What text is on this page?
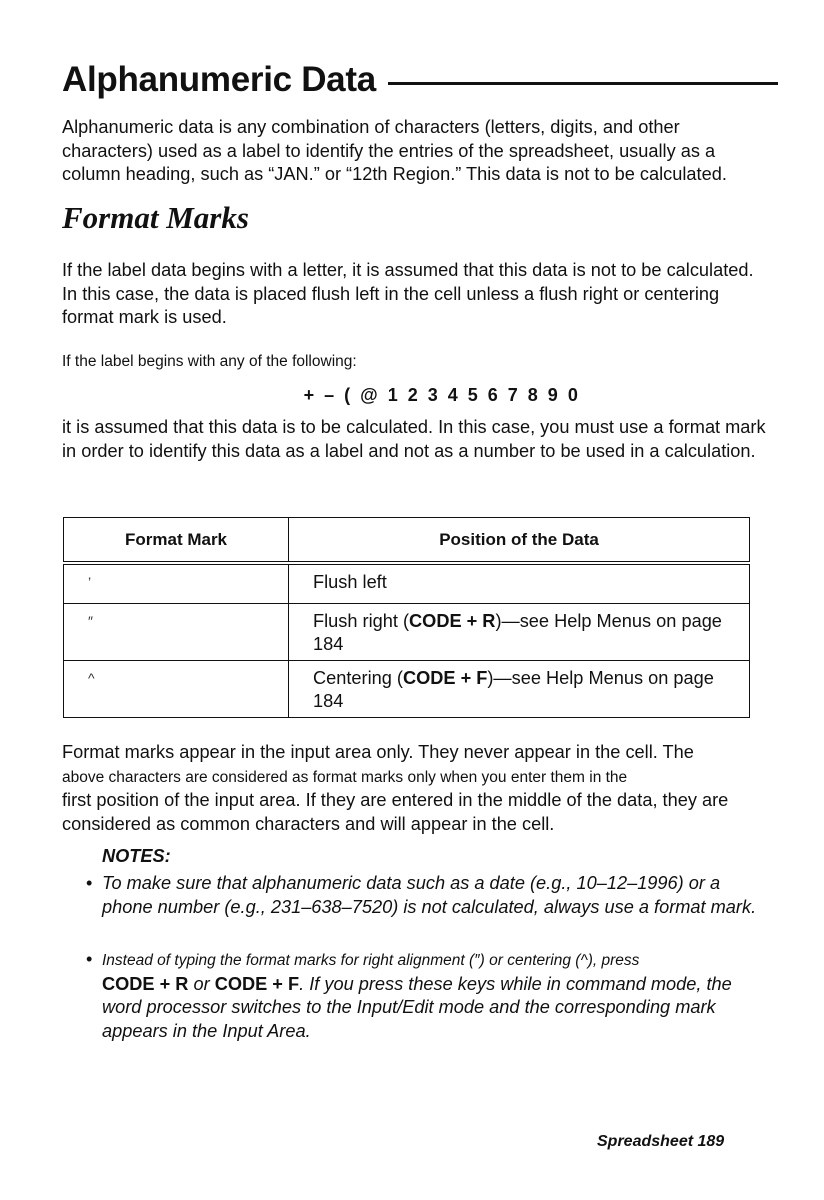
Alphanumeric Data
Alphanumeric data is any combination of characters (letters, digits, and other characters) used as a label to identify the entries of the spreadsheet, usually as a column heading, such as “JAN.” or “12th Region.” This data is not to be calculated.
Format Marks
If the label data begins with a letter, it is assumed that this data is not to be calculated. In this case, the data is placed flush left in the cell unless a flush right or centering format mark is used.
If the label begins with any of the following:
+ – ( @ 1 2 3 4 5 6 7 8 9 0
it is assumed that this data is to be calculated. In this case, you must use a format mark in order to identify this data as a label and not as a number to be used in a calculation.
Format Mark	Position of the Data
’	Flush left
″	Flush right (CODE + R)—see Help Menus on page 184
^	Centering (CODE + F)—see Help Menus on page 184
Format marks appear in the input area only. They never appear in the cell. The
above characters are considered as format marks only when you enter them in the
first position of the input area. If they are entered in the middle of the data, they are considered as common characters and will appear in the cell.
NOTES:
• To make sure that alphanumeric data such as a date (e.g., 10–12–1996) or a phone number (e.g., 231–638–7520) is not calculated, always use a format mark.
• Instead of typing the format marks for right alignment (″) or centering (^), press
CODE + R or CODE + F. If you press these keys while in command mode, the word processor switches to the Input/Edit mode and the corresponding mark appears in the Input Area.
Spreadsheet 189
